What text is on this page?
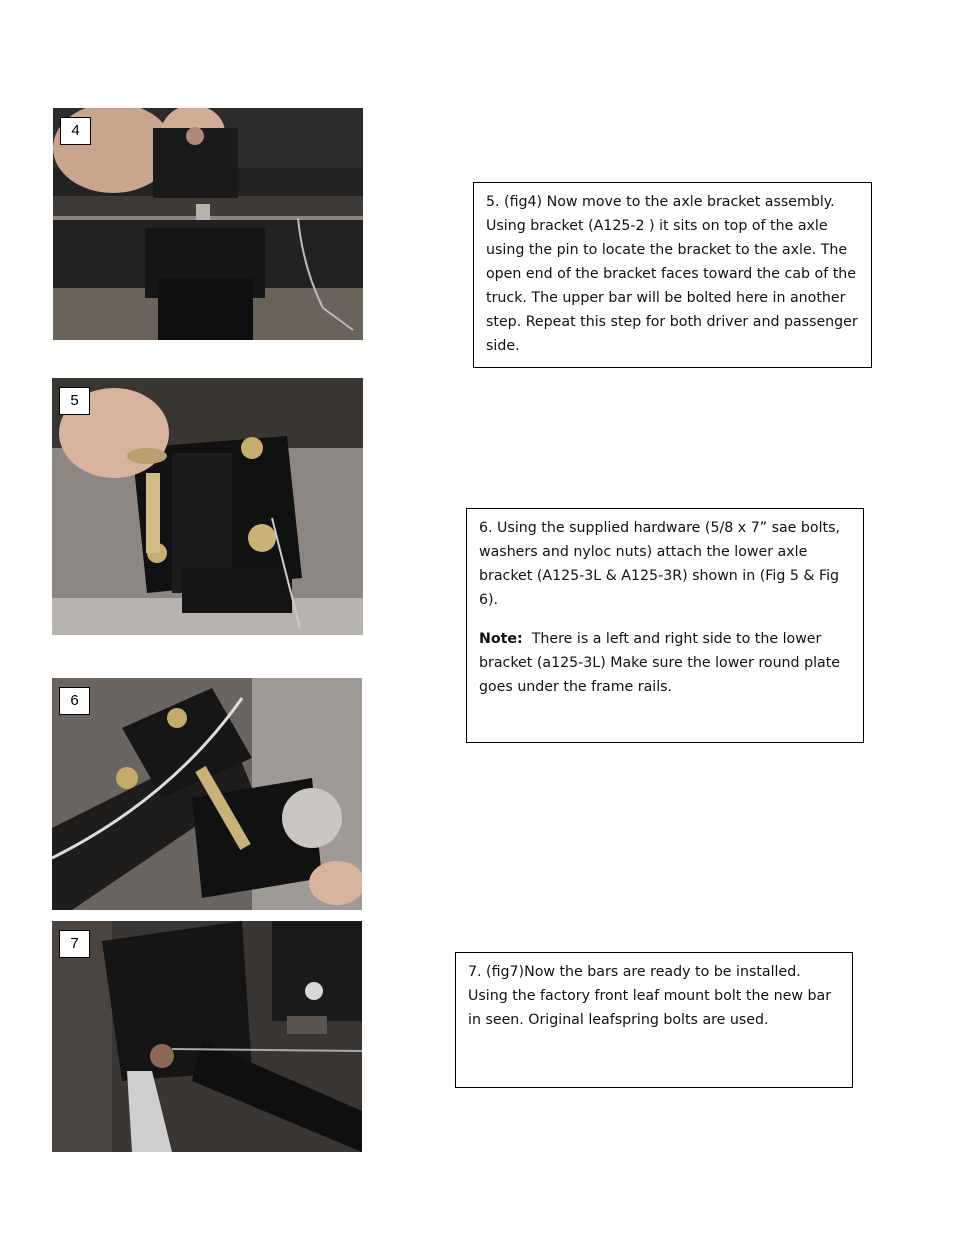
4
5
6
7

5. (fig4) Now move to the axle bracket assembly. Using bracket (A125-2 ) it sits on top of the axle using the pin to locate the bracket to the axle. The open end of the bracket faces toward the cab of the truck. The upper bar will be bolted here in another step. Repeat this step for both driver and passenger side.

6. Using the supplied hardware (5/8 x 7” sae bolts, washers and nyloc nuts) attach the lower axle bracket (A125-3L & A125-3R) shown in (Fig 5 & Fig 6).

Note: There is a left and right side to the lower bracket (a125-3L) Make sure the lower round plate goes under the frame rails.

7. (fig7)Now the bars are ready to be installed. Using the factory front leaf mount bolt the new bar in seen. Original leafspring bolts are used.
